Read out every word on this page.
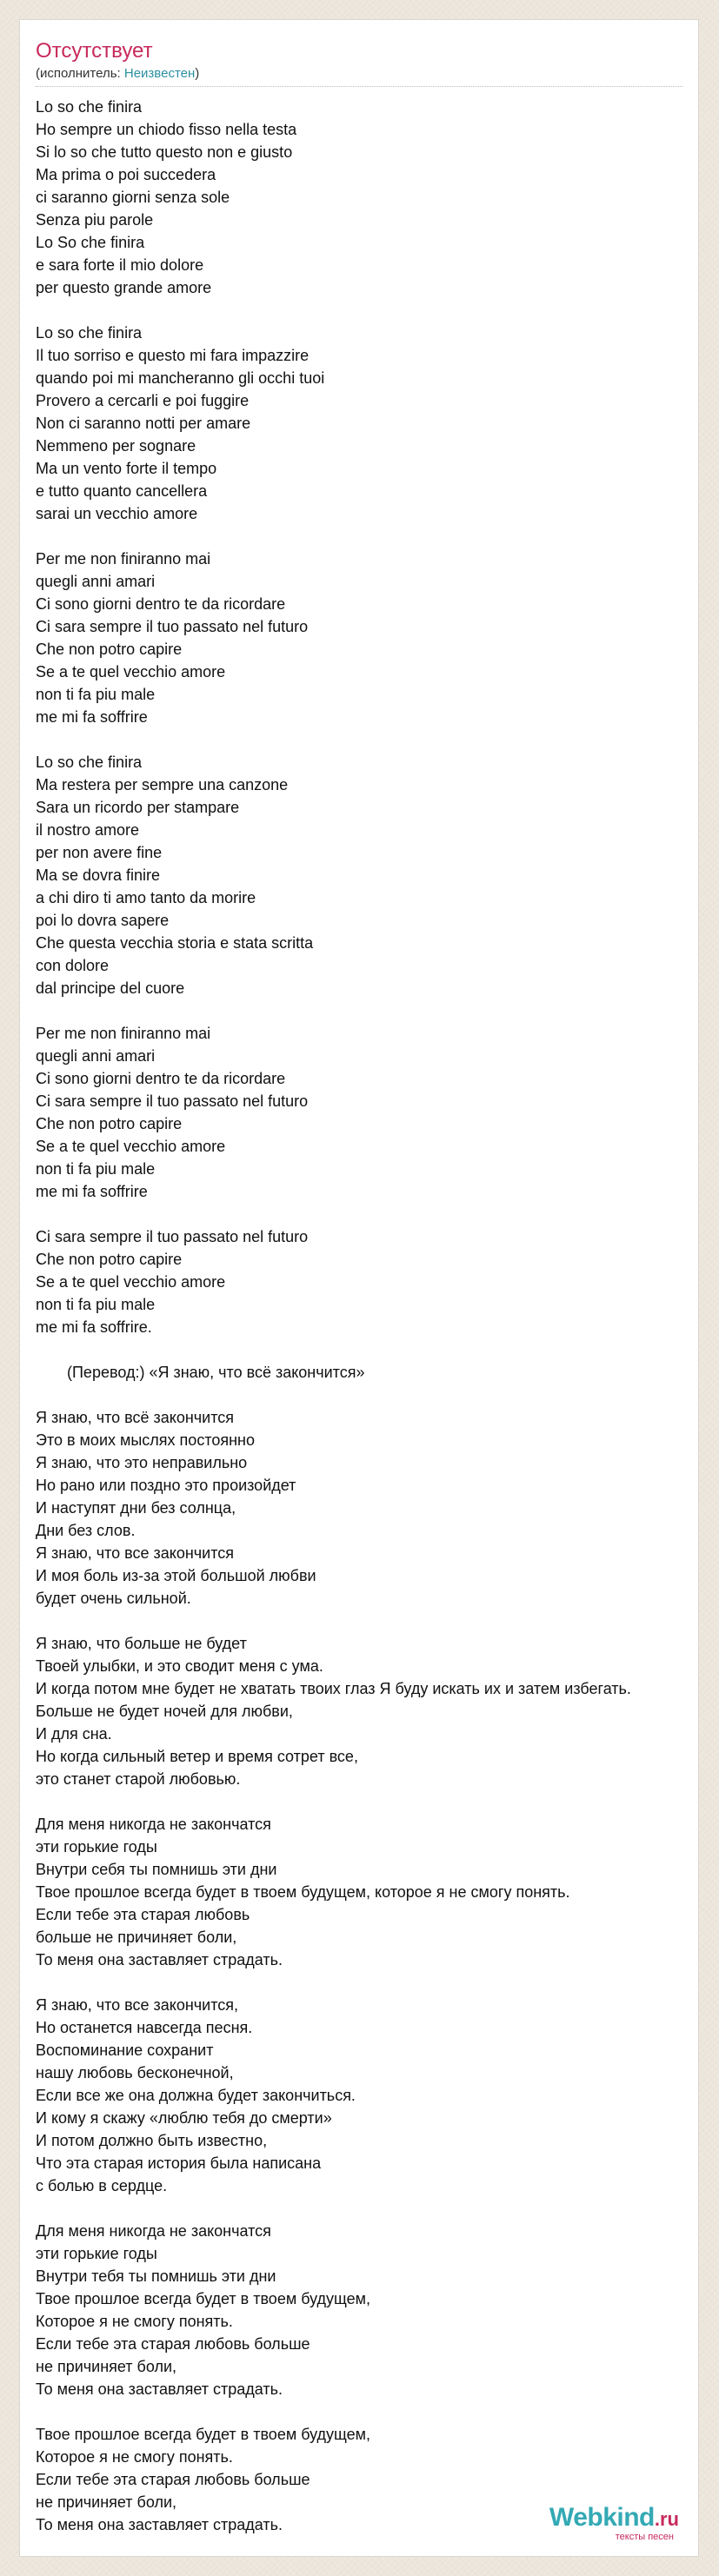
Отсутствует
(исполнитель: Неизвестен)
Lo so che finira
Ho sempre un chiodo fisso nella testa
Si lo so che tutto questo non e giusto
Ma prima o poi succedera
ci saranno giorni senza sole
Senza piu parole
Lo So che finira
e sara forte il mio dolore
per questo grande amore
Lo so che finira
Il tuo sorriso e questo mi fara impazzire
quando poi mi mancheranno gli occhi tuoi
Provero a cercarli e poi fuggire
Non ci saranno notti per amare
Nemmeno per sognare
Ma un vento forte il tempo
e tutto quanto cancellera
sarai un vecchio amore
Per me non finiranno mai
quegli anni amari
Ci sono giorni dentro te da ricordare
Ci sara sempre il tuo passato nel futuro
Che non potro capire
Se a te quel vecchio amore
non ti fa piu male
me mi fa soffrire
Lo so che finira
Ma restera per sempre una canzone
Sara un ricordo per stampare
il nostro amore
per non avere fine
Ma se dovra finire
a chi diro ti amo tanto da morire
poi lo dovra sapere
Che questa vecchia storia e stata scritta
con dolore
dal principe del cuore
Per me non finiranno mai
quegli anni amari
Ci sono giorni dentro te da ricordare
Ci sara sempre il tuo passato nel futuro
Che non potro capire
Se a te quel vecchio amore
non ti fa piu male
me mi fa soffrire
Ci sara sempre il tuo passato nel futuro
Che non potro capire
Se a te quel vecchio amore
non ti fa piu male
me mi fa soffrire.
(Перевод:) «Я знаю, что всё закончится»
Я знаю, что всё закончится
Это в моих мыслях постоянно
Я знаю, что это неправильно
Но рано или поздно это произойдет
И наступят дни без солнца,
Дни без слов.
Я знаю, что все закончится
И моя боль из-за этой большой любви
будет очень сильной.
Я знаю, что больше не будет
Твоей улыбки, и это сводит меня с ума.
И когда потом мне будет не хватать твоих глаз Я буду искать их и затем избегать.
Больше не будет ночей для любви,
И для сна.
Но когда сильный ветер и время сотрет все,
это станет старой любовью.
Для меня никогда не закончатся
эти горькие годы
Внутри себя ты помнишь эти дни
Твое прошлое всегда будет в твоем будущем, которое я не смогу понять.
Если тебе эта старая любовь
больше не причиняет боли,
То меня она заставляет страдать.
Я знаю, что все закончится,
Но останется навсегда песня.
Воспоминание сохранит
нашу любовь бесконечной,
Если все же она должна будет закончиться.
И кому я скажу «люблю тебя до смерти»
И потом должно быть известно,
Что эта старая история была написана
с болью в сердце.
Для меня никогда не закончатся
эти горькие годы
Внутри тебя ты помнишь эти дни
Твое прошлое всегда будет в твоем будущем,
Которое я не смогу понять.
Если тебе эта старая любовь больше
не причиняет боли,
То меня она заставляет страдать.
Твое прошлое всегда будет в твоем будущем,
Которое я не смогу понять.
Если тебе эта старая любовь больше
не причиняет боли,
То меня она заставляет страдать.	Webkind.ru
тексты песен
